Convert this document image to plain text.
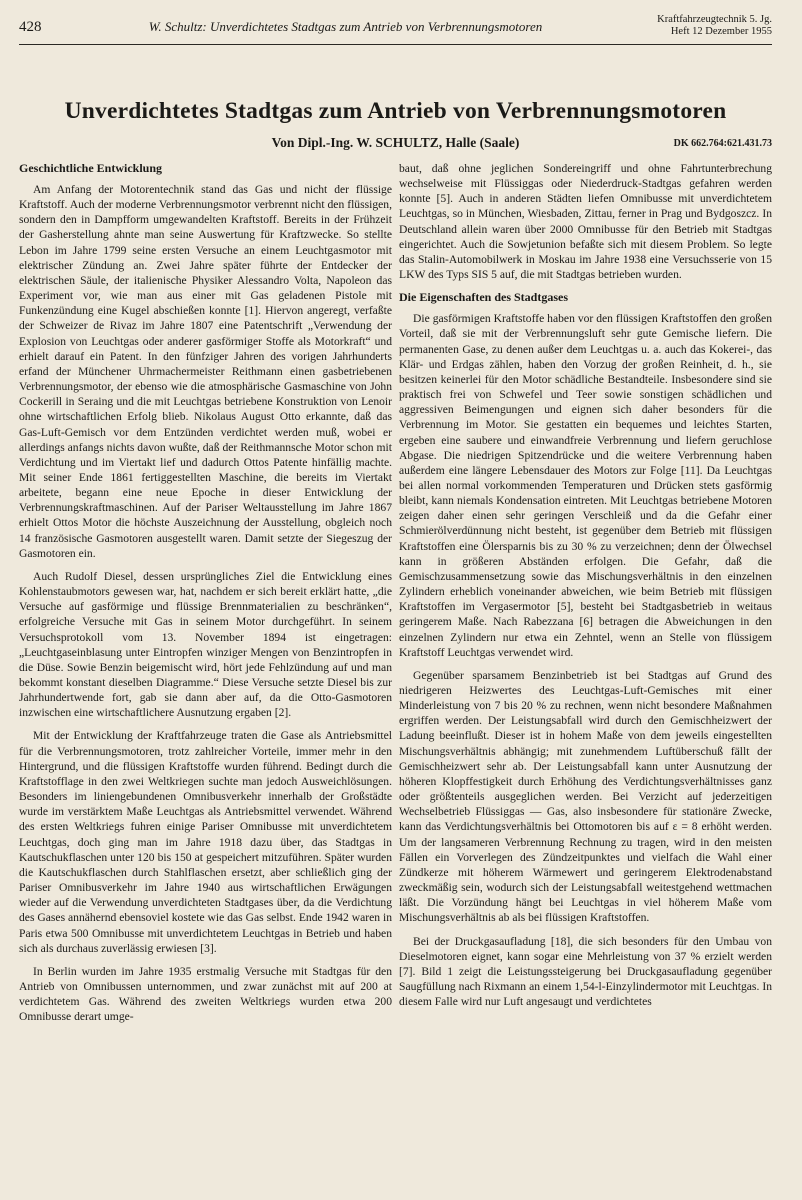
428	W. Schultz: Unverdichtetes Stadtgas zum Antrieb von Verbrennungsmotoren	Kraftfahrzeugtechnik 5. Jg.
Heft 12 Dezember 1955
Unverdichtetes Stadtgas zum Antrieb von Verbrennungsmotoren
Von Dipl.-Ing. W. SCHULTZ, Halle (Saale)	DK 662.764:621.431.73
Geschichtliche Entwicklung

Am Anfang der Motorentechnik stand das Gas und nicht der flüssige Kraftstoff. Auch der moderne Verbrennungsmotor verbrennt nicht den flüssigen, sondern den in Dampfform umgewandelten Kraftstoff. Bereits in der Frühzeit der Gasherstellung ahnte man seine Auswertung für Kraftzwecke. So stellte Lebon im Jahre 1799 seine ersten Versuche an einem Leuchtgasmotor mit elektrischer Zündung an. Zwei Jahre später führte der Entdecker der elektrischen Säule, der italienische Physiker Alessandro Volta, Napoleon das Experiment vor, wie man aus einer mit Gas geladenen Pistole mit Funkenzündung eine Kugel abschießen konnte [1]. Hiervon angeregt, verfaßte der Schweizer de Rivaz im Jahre 1807 eine Patentschrift „Verwendung der Explosion von Leuchtgas oder anderer gasförmiger Stoffe als Motorkraft“ und erhielt darauf ein Patent. In den fünfziger Jahren des vorigen Jahrhunderts erfand der Münchener Uhrmachermeister Reithmann einen gasbetriebenen Verbrennungsmotor, der ebenso wie die atmosphärische Gasmaschine von John Cockerill in Seraing und die mit Leuchtgas betriebene Konstruktion von Lenoir ohne wirtschaftlichen Erfolg blieb. Nikolaus August Otto erkannte, daß das Gas-Luft-Gemisch vor dem Entzünden verdichtet werden muß, wobei er allerdings anfangs nichts davon wußte, daß der Reithmannsche Motor schon mit Verdichtung und im Viertakt lief und dadurch Ottos Patente hinfällig machte. Mit seiner Ende 1861 fertiggestellten Maschine, die bereits im Viertakt arbeitete, begann eine neue Epoche in dieser Entwicklung der Verbrennungskraftmaschinen. Auf der Pariser Weltausstellung im Jahre 1867 erhielt Ottos Motor die höchste Auszeichnung der Ausstellung, obgleich noch 14 französische Gasmotoren ausgestellt waren. Damit setzte der Siegeszug der Gasmotoren ein.

Auch Rudolf Diesel, dessen ursprüngliches Ziel die Entwicklung eines Kohlenstaubmotors gewesen war, hat, nachdem er sich bereit erklärt hatte, „die Versuche auf gasförmige und flüssige Brennmaterialien zu beschränken“, erfolgreiche Versuche mit Gas in seinem Motor durchgeführt. In seinem Versuchsprotokoll vom 13. November 1894 ist eingetragen: „Leuchtgaseinblasung unter Eintropfen winziger Mengen von Benzintropfen in die Düse. Sowie Benzin beigemischt wird, hört jede Fehlzündung auf und man bekommt konstant dieselben Diagramme.“ Diese Versuche setzte Diesel bis zur Jahrhundertwende fort, gab sie dann aber auf, da die Otto-Gasmotoren inzwischen eine wirtschaftlichere Ausnutzung ergaben [2].

Mit der Entwicklung der Kraftfahrzeuge traten die Gase als Antriebsmittel für die Verbrennungsmotoren, trotz zahlreicher Vorteile, immer mehr in den Hintergrund, und die flüssigen Kraftstoffe wurden führend. Bedingt durch die Kraftstofflage in den zwei Weltkriegen suchte man jedoch Ausweichlösungen. Besonders im liniengebundenen Omnibusverkehr innerhalb der Großstädte wurde im verstärktem Maße Leuchtgas als Antriebsmittel verwendet. Während des ersten Weltkriegs fuhren einige Pariser Omnibusse mit unverdichtetem Leuchtgas, doch ging man im Jahre 1918 dazu über, das Stadtgas in Kautschukflaschen unter 120 bis 150 at gespeichert mitzuführen. Später wurden die Kautschukflaschen durch Stahlflaschen ersetzt, aber schließlich ging der Pariser Omnibusverkehr im Jahre 1940 aus wirtschaftlichen Erwägungen wieder auf die Verwendung unverdichteten Stadtgases über, da die Verdichtung des Gases annähernd ebensoviel kostete wie das Gas selbst. Ende 1942 waren in Paris etwa 500 Omnibusse mit unverdichtetem Leuchtgas in Betrieb und haben sich als durchaus zuverlässig erwiesen [3].

In Berlin wurden im Jahre 1935 erstmalig Versuche mit Stadtgas für den Antrieb von Omnibussen unternommen, und zwar zunächst mit auf 200 at verdichtetem Gas. Während des zweiten Weltkriegs wurden etwa 200 Omnibusse derart umge-

baut, daß ohne jeglichen Sondereingriff und ohne Fahrtunterbrechung wechselweise mit Flüssiggas oder Niederdruck-Stadtgas gefahren werden konnte [5]. Auch in anderen Städten liefen Omnibusse mit unverdichtetem Leuchtgas, so in München, Wiesbaden, Zittau, ferner in Prag und Bydgoszcz. In Deutschland allein waren über 2000 Omnibusse für den Betrieb mit Stadtgas eingerichtet. Auch die Sowjetunion befaßte sich mit diesem Problem. So legte das Stalin-Automobilwerk in Moskau im Jahre 1938 eine Versuchsserie von 15 LKW des Typs SIS 5 auf, die mit Stadtgas betrieben wurden.

Die Eigenschaften des Stadtgases

Die gasförmigen Kraftstoffe haben vor den flüssigen Kraftstoffen den großen Vorteil, daß sie mit der Verbrennungsluft sehr gute Gemische liefern. Die permanenten Gase, zu denen außer dem Leuchtgas u. a. auch das Kokerei-, das Klär- und Erdgas zählen, haben den Vorzug der großen Reinheit, d. h., sie besitzen keinerlei für den Motor schädliche Bestandteile. Insbesondere sind sie praktisch frei von Schwefel und Teer sowie sonstigen schädlichen und aggressiven Beimengungen und eignen sich daher besonders für die Verbrennung im Motor. Sie gestatten ein bequemes und leichtes Starten, ergeben eine saubere und einwandfreie Verbrennung und liefern geruchlose Abgase. Die niedrigen Spitzendrücke und die weitere Verbrennung haben außerdem eine längere Lebensdauer des Motors zur Folge [11]. Da Leuchtgas bei allen normal vorkommenden Temperaturen und Drücken stets gasförmig bleibt, kann niemals Kondensation eintreten. Mit Leuchtgas betriebene Motoren zeigen daher einen sehr geringen Verschleiß und da die Gefahr einer Schmierölverdünnung nicht besteht, ist gegenüber dem Betrieb mit flüssigen Kraftstoffen eine Ölersparnis bis zu 30 % zu verzeichnen; denn der Ölwechsel kann in größeren Abständen erfolgen. Die Gefahr, daß die Gemischzusammensetzung sowie das Mischungsverhältnis in den einzelnen Zylindern erheblich voneinander abweichen, wie beim Betrieb mit flüssigen Kraftstoffen im Vergasermotor [5], besteht bei Stadtgasbetrieb in weitaus geringerem Maße. Nach Rabezzana [6] betragen die Abweichungen in den einzelnen Zylindern nur etwa ein Zehntel, wenn an Stelle von flüssigem Kraftstoff Leuchtgas verwendet wird.

Gegenüber sparsamem Benzinbetrieb ist bei Stadtgas auf Grund des niedrigeren Heizwertes des Leuchtgas-Luft-Gemisches mit einer Minderleistung von 7 bis 20 % zu rechnen, wenn nicht besondere Maßnahmen ergriffen werden. Der Leistungsabfall wird durch den Gemischheizwert der Ladung beeinflußt. Dieser ist in hohem Maße von dem jeweils eingestellten Mischungsverhältnis abhängig; mit zunehmendem Luftüberschuß fällt der Gemischheizwert sehr ab. Der Leistungsabfall kann unter Ausnutzung der höheren Klopffestigkeit durch Erhöhung des Verdichtungsverhältnisses ganz oder größtenteils ausgeglichen werden. Bei Verzicht auf jederzeitigen Wechselbetrieb Flüssiggas — Gas, also insbesondere für stationäre Zwecke, kann das Verdichtungsverhältnis bei Ottomotoren bis auf ε = 8 erhöht werden. Um der langsameren Verbrennung Rechnung zu tragen, wird in den meisten Fällen ein Vorverlegen des Zündzeitpunktes und vielfach die Wahl einer Zündkerze mit höherem Wärmewert und geringerem Elektrodenabstand zweckmäßig sein, wodurch sich der Leistungsabfall weitestgehend wettmachen läßt. Die Vorzündung hängt bei Leuchtgas in viel höherem Maße vom Mischungsverhältnis ab als bei flüssigen Kraftstoffen.

Bei der Druckgasaufladung [18], die sich besonders für den Umbau von Dieselmotoren eignet, kann sogar eine Mehrleistung von 37 % erzielt werden [7]. Bild 1 zeigt die Leistungssteigerung bei Druckgasaufladung gegenüber Saugfüllung nach Rixmann an einem 1,54-l-Einzylindermotor mit Leuchtgas. In diesem Falle wird nur Luft angesaugt und verdichtetes
